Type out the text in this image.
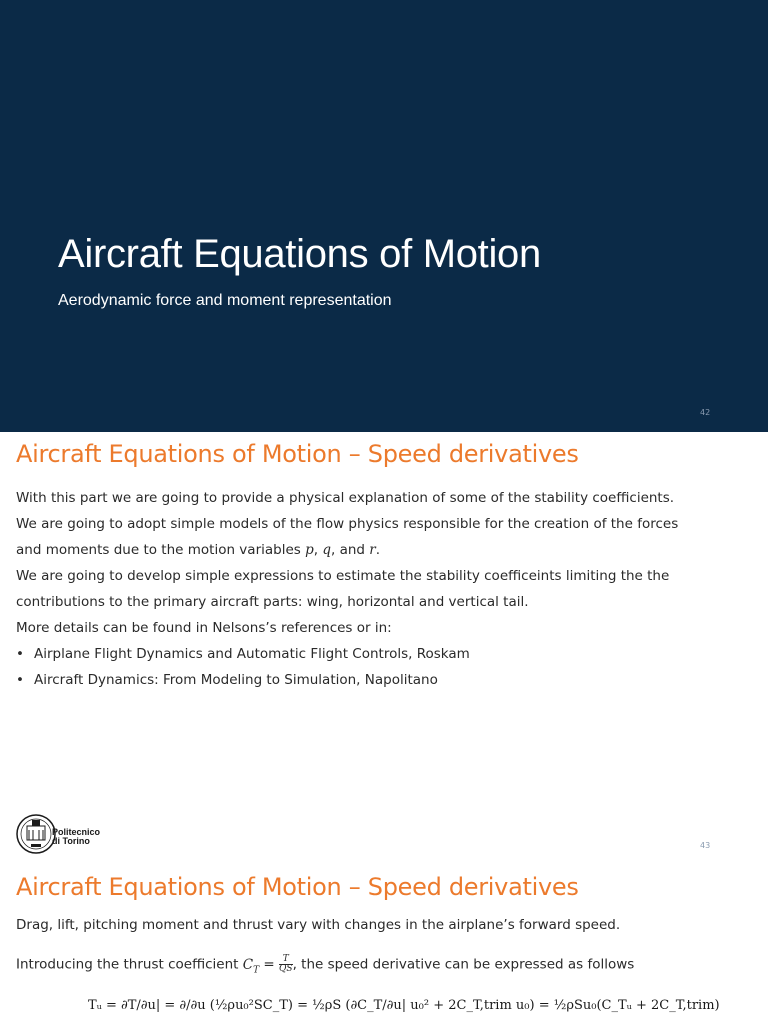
Aircraft Equations of Motion
Aerodynamic force and moment representation
42
Aircraft Equations of Motion – Speed derivatives

With this part we are going to provide a physical explanation of some of the stability coefficients.

We are going to adopt simple models of the flow physics responsible for the creation of the forces

and moments due to the motion variables p, q, and r.

We are going to develop simple expressions to estimate the stability coefficeints limiting the the

contributions to the primary aircraft parts: wing, horizontal and vertical tail.

More details can be found in Nelsons’s references or in:

• Airplane Flight Dynamics and Automatic Flight Controls, Roskam
• Aircraft Dynamics: From Modeling to Simulation, Napolitano
Politecnico
di Torino	43
Aircraft Equations of Motion – Speed derivatives
Drag, lift, pitching moment and thrust vary with changes in the airplane’s forward speed.
Introducing the thrust coefficient $C_T = \frac{T}{QS}$ , the speed derivative can be expressed as follows
Tᵤ = ∂T/∂u| = ∂/∂u (½ρu₀²SC_T) = ½ρS (∂C_T/∂u| u₀² + 2C_T,trim u₀) = ½ρSu₀(C_Tᵤ + 2C_T,trim)
